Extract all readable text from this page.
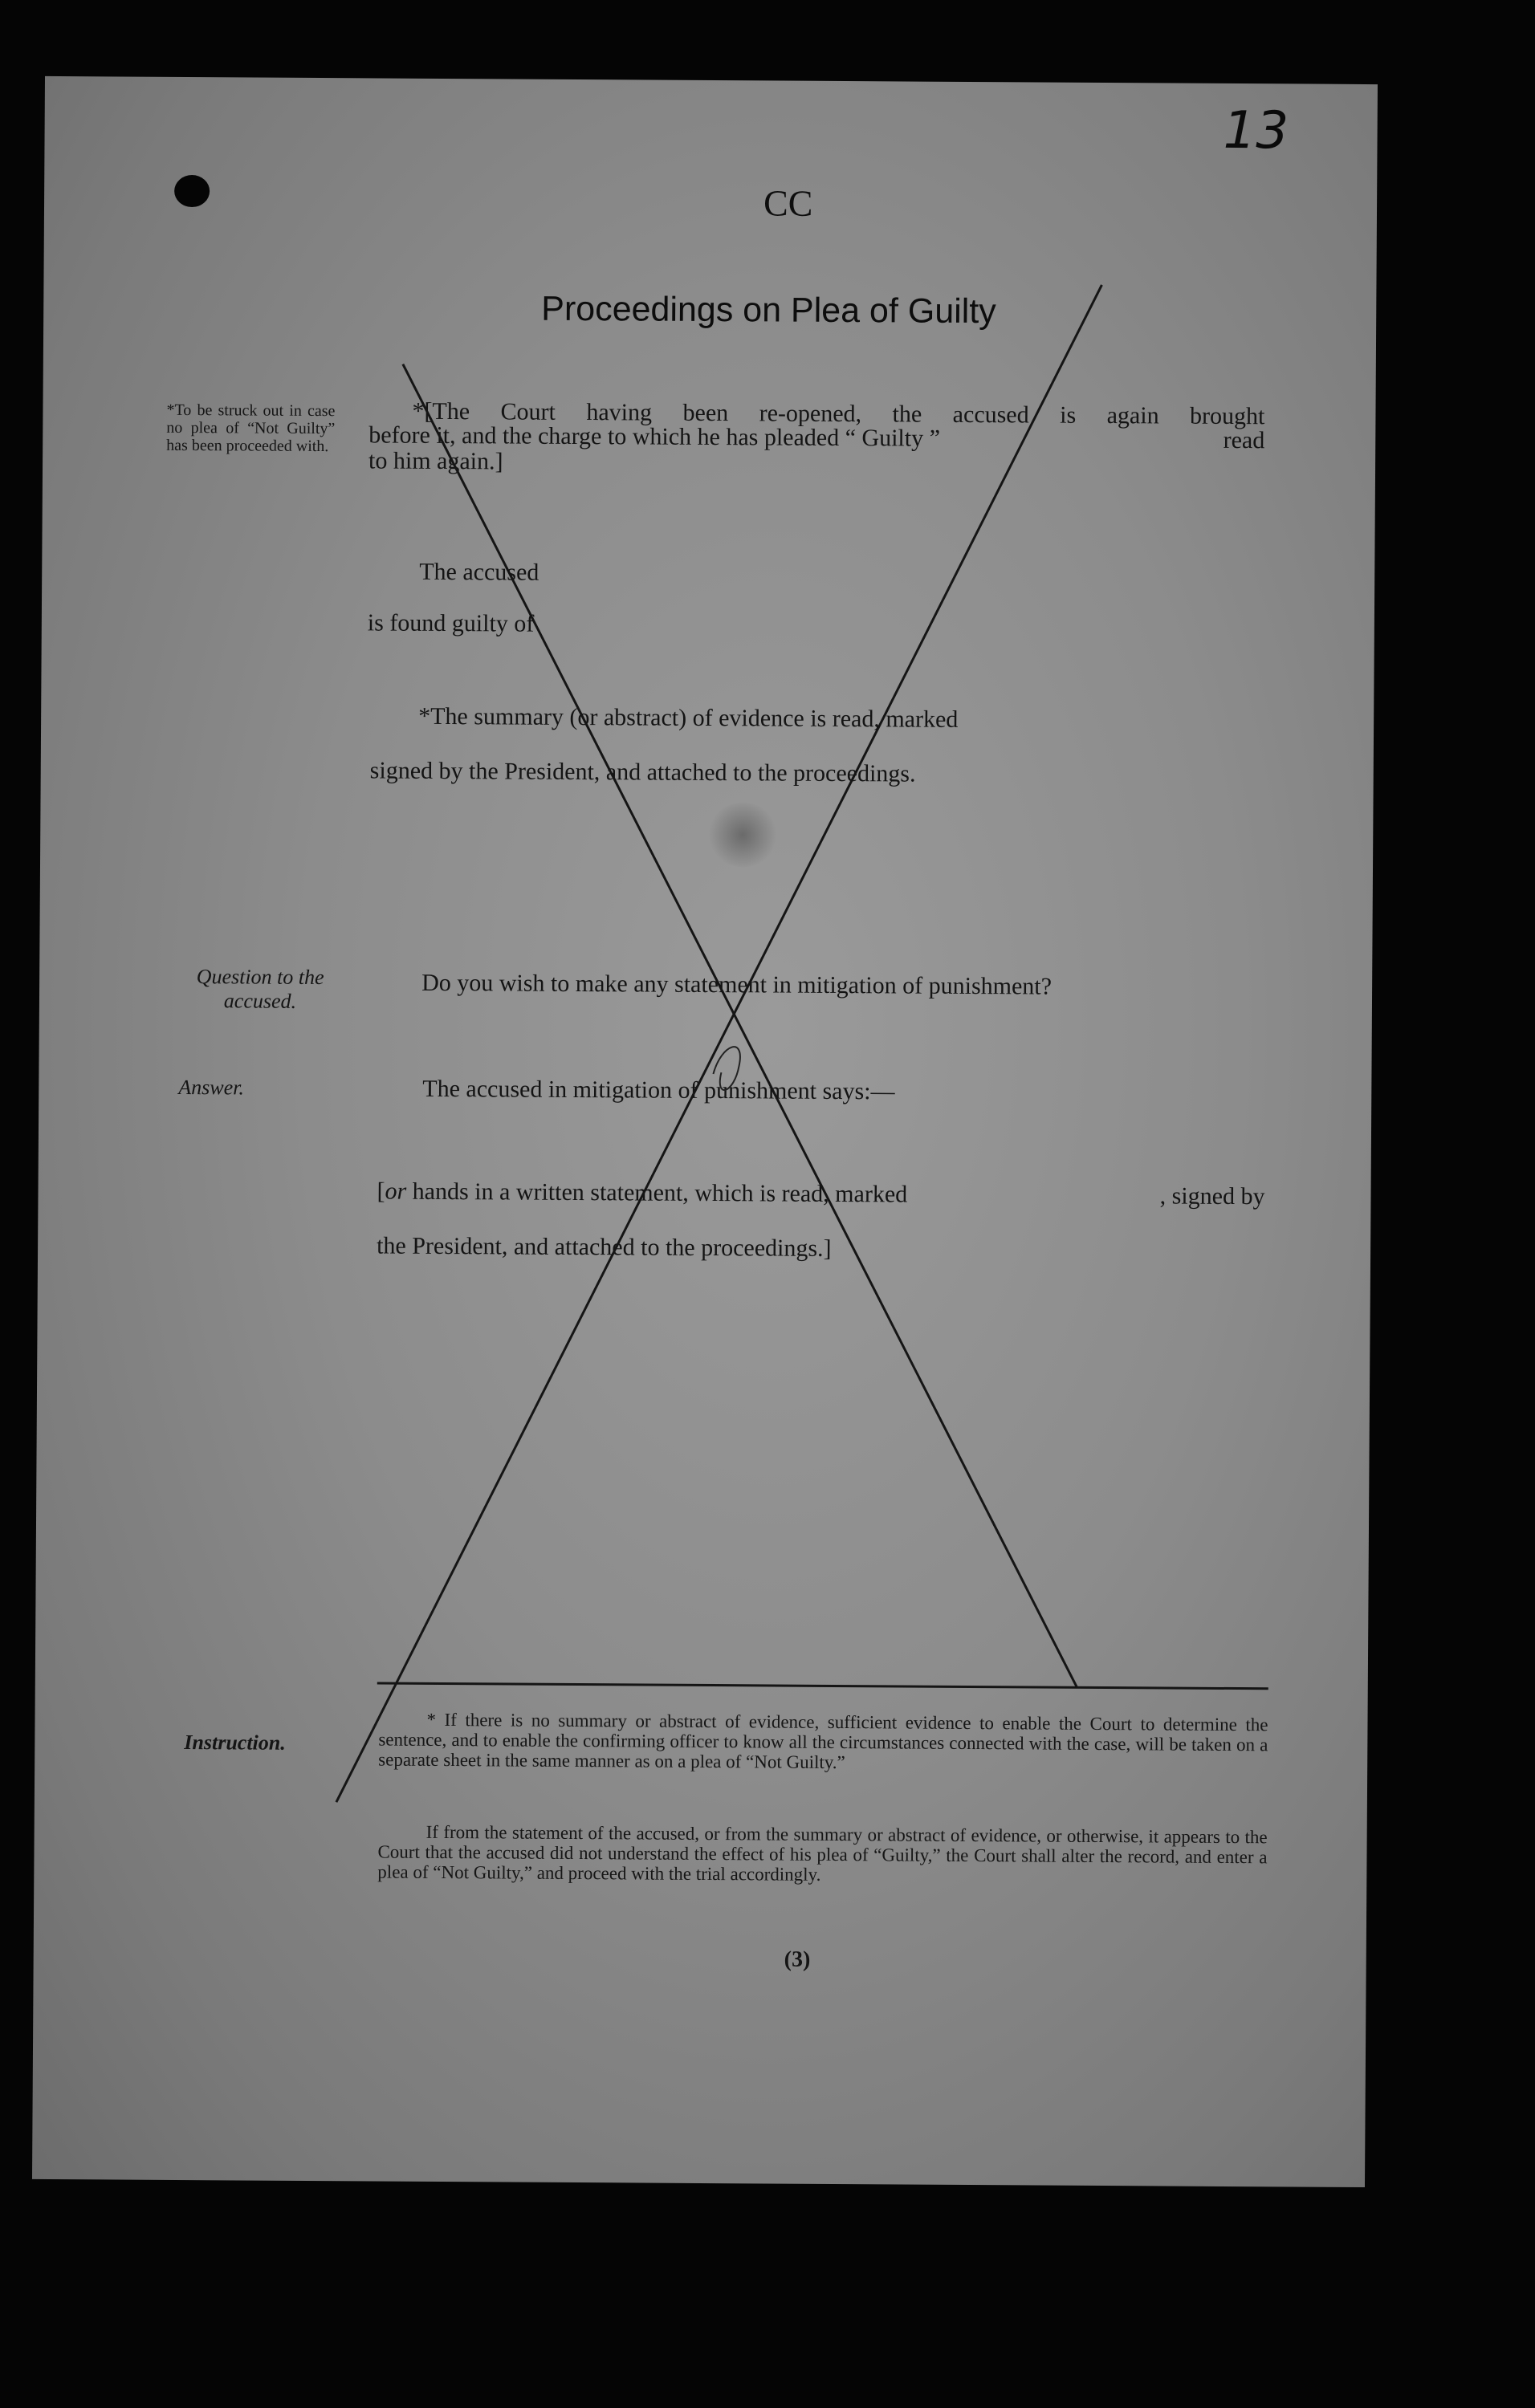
13
CC
Proceedings on Plea of Guilty
*To be struck out in case no plea of “Not Guilty” has been proceeded with.
*[The Court having been re-opened, the accused is again brought
before it, and the charge to which he has pleaded “ Guilty ”	read
to him again.]
The accused
is found guilty of
*The summary (or abstract) of evidence is read, marked
signed by the President, and attached to the proceedings.
Question to the accused.
Do you wish to make any statement in mitigation of punishment?
Answer.	The accused in mitigation of punishment says:—
[or hands in a written statement, which is read, marked	, signed by
the President, and attached to the proceedings.]
Instruction.
* If there is no summary or abstract of evidence, sufficient evidence to enable the Court to determine the sentence, and to enable the confirming officer to know all the circumstances connected with the case, will be taken on a separate sheet in the same manner as on a plea of “Not Guilty.”
If from the statement of the accused, or from the summary or abstract of evidence, or otherwise, it appears to the Court that the accused did not understand the effect of his plea of “Guilty,” the Court shall alter the record, and enter a plea of “Not Guilty,” and proceed with the trial accordingly.
(3)
